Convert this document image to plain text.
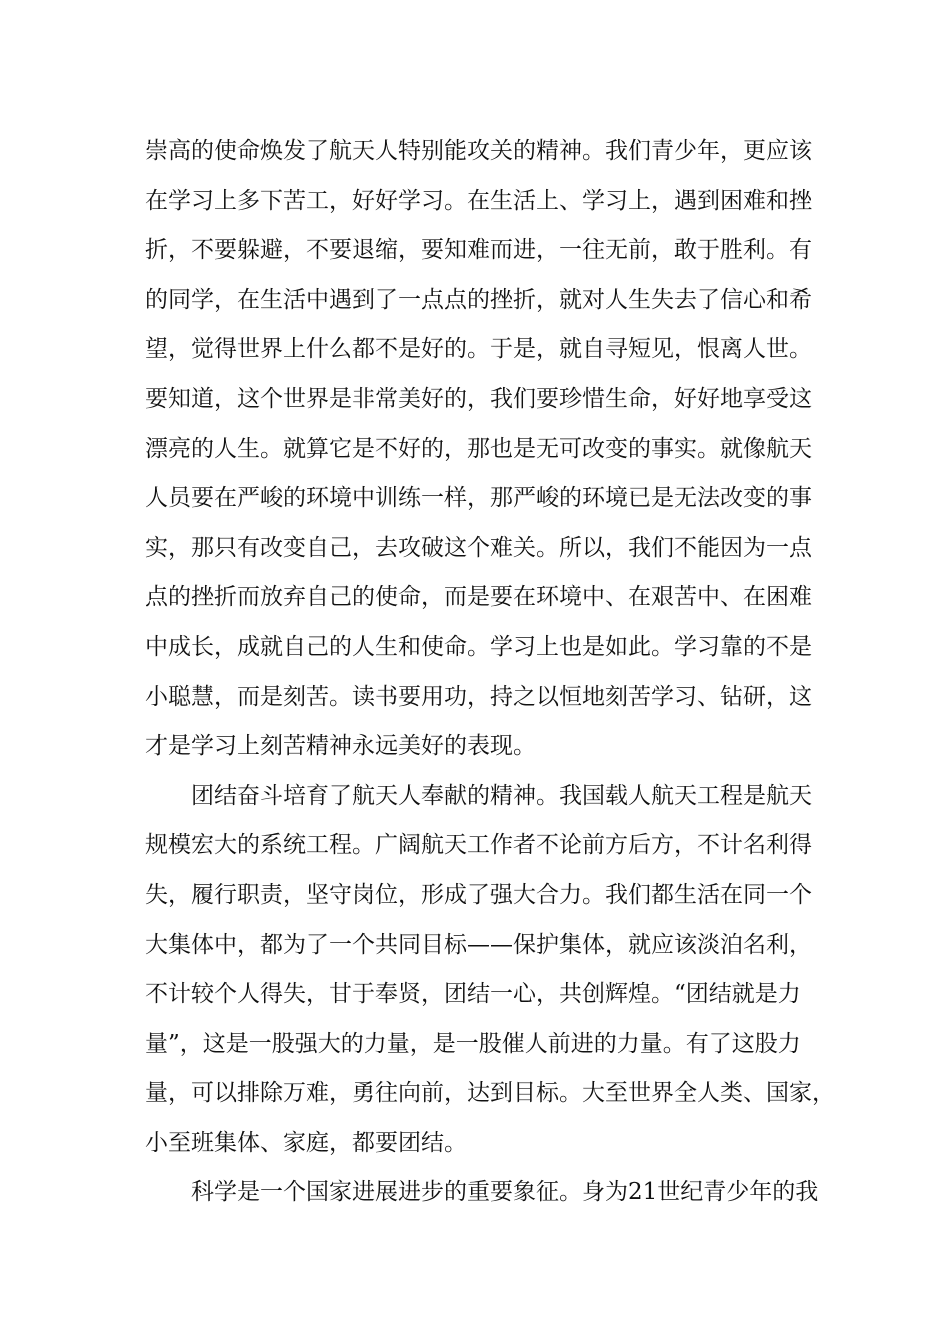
崇高的使命焕发了航天人特别能攻关的精神。我们青少年，更应该
在学习上多下苦工，好好学习。在生活上、学习上，遇到困难和挫
折，不要躲避，不要退缩，要知难而进，一往无前，敢于胜利。有
的同学，在生活中遇到了一点点的挫折，就对人生失去了信心和希
望，觉得世界上什么都不是好的。于是，就自寻短见，恨离人世。
要知道，这个世界是非常美好的，我们要珍惜生命，好好地享受这
漂亮的人生。就算它是不好的，那也是无可改变的事实。就像航天
人员要在严峻的环境中训练一样，那严峻的环境已是无法改变的事
实，那只有改变自己，去攻破这个难关。所以，我们不能因为一点
点的挫折而放弃自己的使命，而是要在环境中、在艰苦中、在困难
中成长，成就自己的人生和使命。学习上也是如此。学习靠的不是
小聪慧，而是刻苦。读书要用功，持之以恒地刻苦学习、钻研，这
才是学习上刻苦精神永远美好的表现。
团结奋斗培育了航天人奉献的精神。我国载人航天工程是航天
规模宏大的系统工程。广阔航天工作者不论前方后方，不计名利得
失，履行职责，坚守岗位，形成了强大合力。我们都生活在同一个
大集体中，都为了一个共同目标——保护集体，就应该淡泊名利，
不计较个人得失，甘于奉贤，团结一心，共创辉煌。“团结就是力
量”，这是一股强大的力量，是一股催人前进的力量。有了这股力
量，可以排除万难，勇往向前，达到目标。大至世界全人类、国家，
小至班集体、家庭，都要团结。
科学是一个国家进展进步的重要象征。身为21世纪青少年的我
